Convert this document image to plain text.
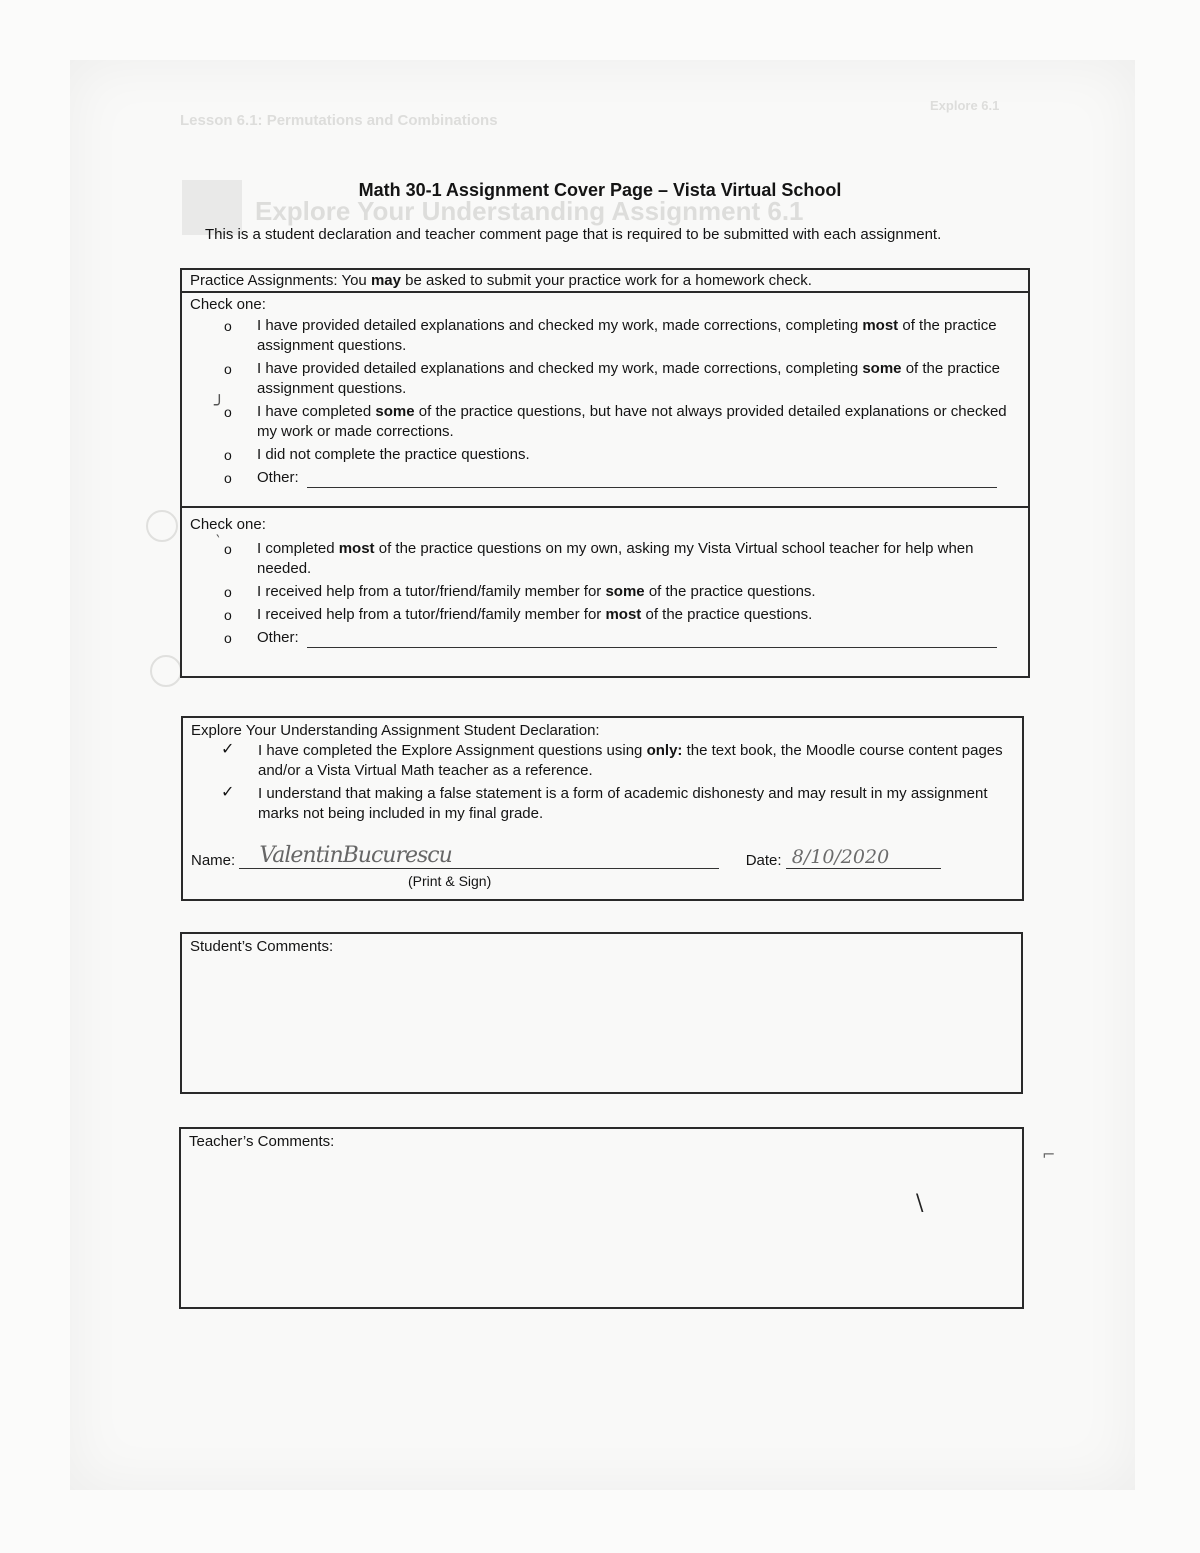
Lesson 6.1: Permutations and Combinations
Explore 6.1
Explore Your Understanding Assignment 6.1
Math 30-1 Assignment Cover Page – Vista Virtual School
This is a student declaration and teacher comment page that is required to be submitted with each assignment.
Practice Assignments: You may be asked to submit your practice work for a homework check.
Check one:
o I have provided detailed explanations and checked my work, made corrections, completing most of the practice assignment questions.
o I have provided detailed explanations and checked my work, made corrections, completing some of the practice assignment questions.
o
╯ I have completed some of the practice questions, but have not always provided detailed explanations or checked my work or made corrections.
o I did not complete the practice questions.
o Other:
Check one:
o
‵ I completed most of the practice questions on my own, asking my Vista Virtual school teacher for help when needed.
o I received help from a tutor/friend/family member for some of the practice questions.
o I received help from a tutor/friend/family member for most of the practice questions.
o Other:
Explore Your Understanding Assignment Student Declaration:
✓ I have completed the Explore Assignment questions using only: the text book, the Moodle course content pages and/or a Vista Virtual Math teacher as a reference.
✓ I understand that making a false statement is a form of academic dishonesty and may result in my assignment marks not being included in my final grade.
Name: ValentinBucurescu	Date: 8/10/2020
(Print & Sign)
Student’s Comments:
Teacher’s Comments:
\
⌐
